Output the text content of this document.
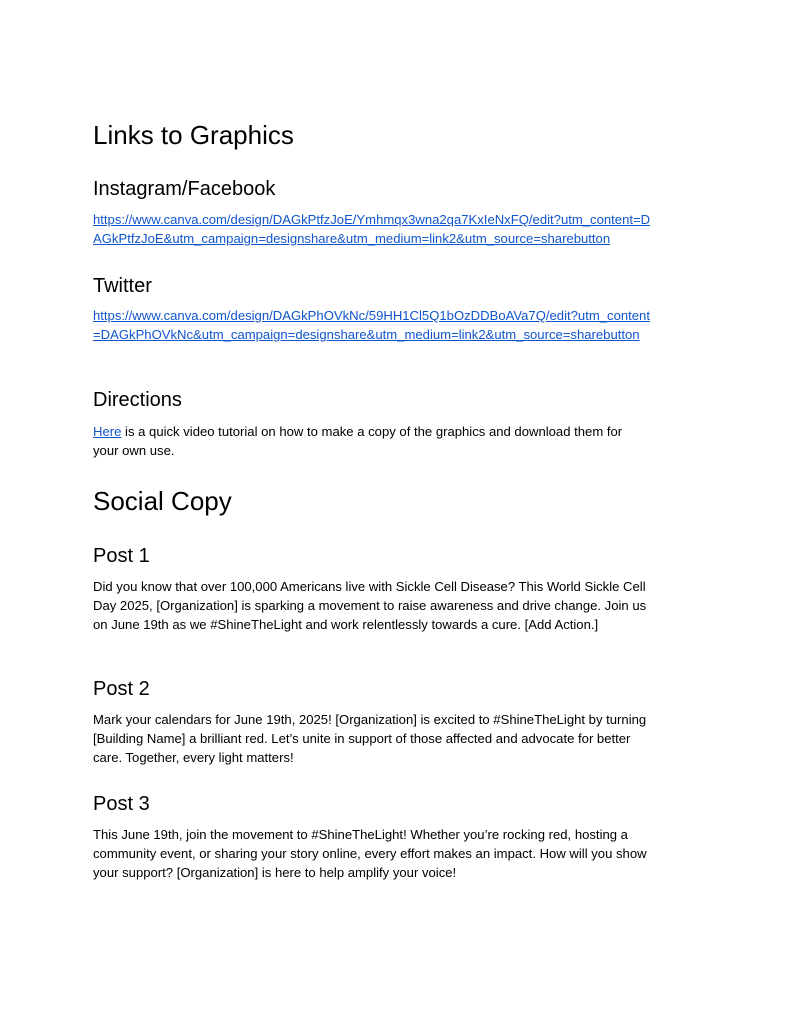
Links to Graphics
Instagram/Facebook
https://www.canva.com/design/DAGkPtfzJoE/Ymhmqx3wna2qa7KxIeNxFQ/edit?utm_content=D
AGkPtfzJoE&utm_campaign=designshare&utm_medium=link2&utm_source=sharebutton
Twitter
https://www.canva.com/design/DAGkPhOVkNc/59HH1Cl5Q1bOzDDBoAVa7Q/edit?utm_content
=DAGkPhOVkNc&utm_campaign=designshare&utm_medium=link2&utm_source=sharebutton
Directions

Here is a quick video tutorial on how to make a copy of the graphics and download them for

your own use.

Social Copy
Post 1

Did you know that over 100,000 Americans live with Sickle Cell Disease? This World Sickle Cell

Day 2025, [Organization] is sparking a movement to raise awareness and drive change. Join us

on June 19th as we #ShineTheLight and work relentlessly towards a cure. [Add Action.]

Post 2

Mark your calendars for June 19th, 2025! [Organization] is excited to #ShineTheLight by turning

[Building Name] a brilliant red. Let’s unite in support of those affected and advocate for better

care. Together, every light matters!

Post 3

This June 19th, join the movement to #ShineTheLight! Whether you’re rocking red, hosting a

community event, or sharing your story online, every effort makes an impact. How will you show

your support? [Organization] is here to help amplify your voice!
